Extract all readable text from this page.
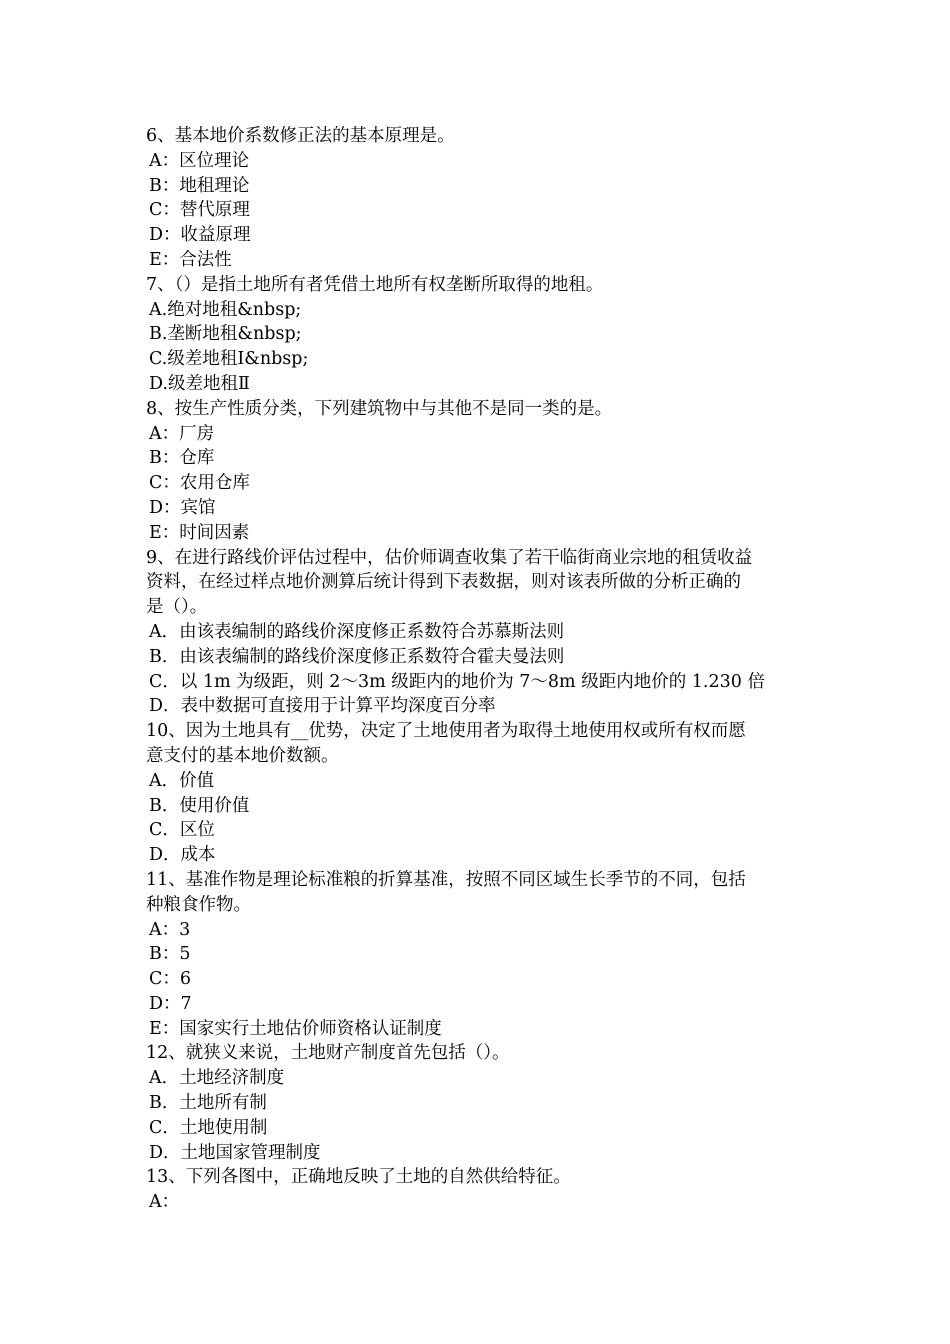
6、基本地价系数修正法的基本原理是。
A：区位理论
B：地租理论
C：替代原理
D：收益原理
E：合法性
7、（）是指土地所有者凭借土地所有权垄断所取得的地租。
A.绝对地租&nbsp;
B.垄断地租&nbsp;
C.级差地租Ⅰ&nbsp;
D.级差地租Ⅱ
8、按生产性质分类，下列建筑物中与其他不是同一类的是。
A：厂房
B：仓库
C：农用仓库
D：宾馆
E：时间因素
9、在进行路线价评估过程中，估价师调查收集了若干临街商业宗地的租赁收益
资料，在经过样点地价测算后统计得到下表数据，则对该表所做的分析正确的
是（）。
A．由该表编制的路线价深度修正系数符合苏慕斯法则
B．由该表编制的路线价深度修正系数符合霍夫曼法则
C．以 1m 为级距，则 2～3m 级距内的地价为 7～8m 级距内地价的 1.230 倍
D．表中数据可直接用于计算平均深度百分率
10、因为土地具有__优势，决定了土地使用者为取得土地使用权或所有权而愿
意支付的基本地价数额。
A．价值
B．使用价值
C．区位
D．成本
11、基准作物是理论标准粮的折算基准，按照不同区域生长季节的不同，包括
种粮食作物。
A：3
B：5
C：6
D：7
E：国家实行土地估价师资格认证制度
12、就狭义来说，土地财产制度首先包括（）。
A．土地经济制度
B．土地所有制
C．土地使用制
D．土地国家管理制度
13、下列各图中，正确地反映了土地的自然供给特征。
A：
